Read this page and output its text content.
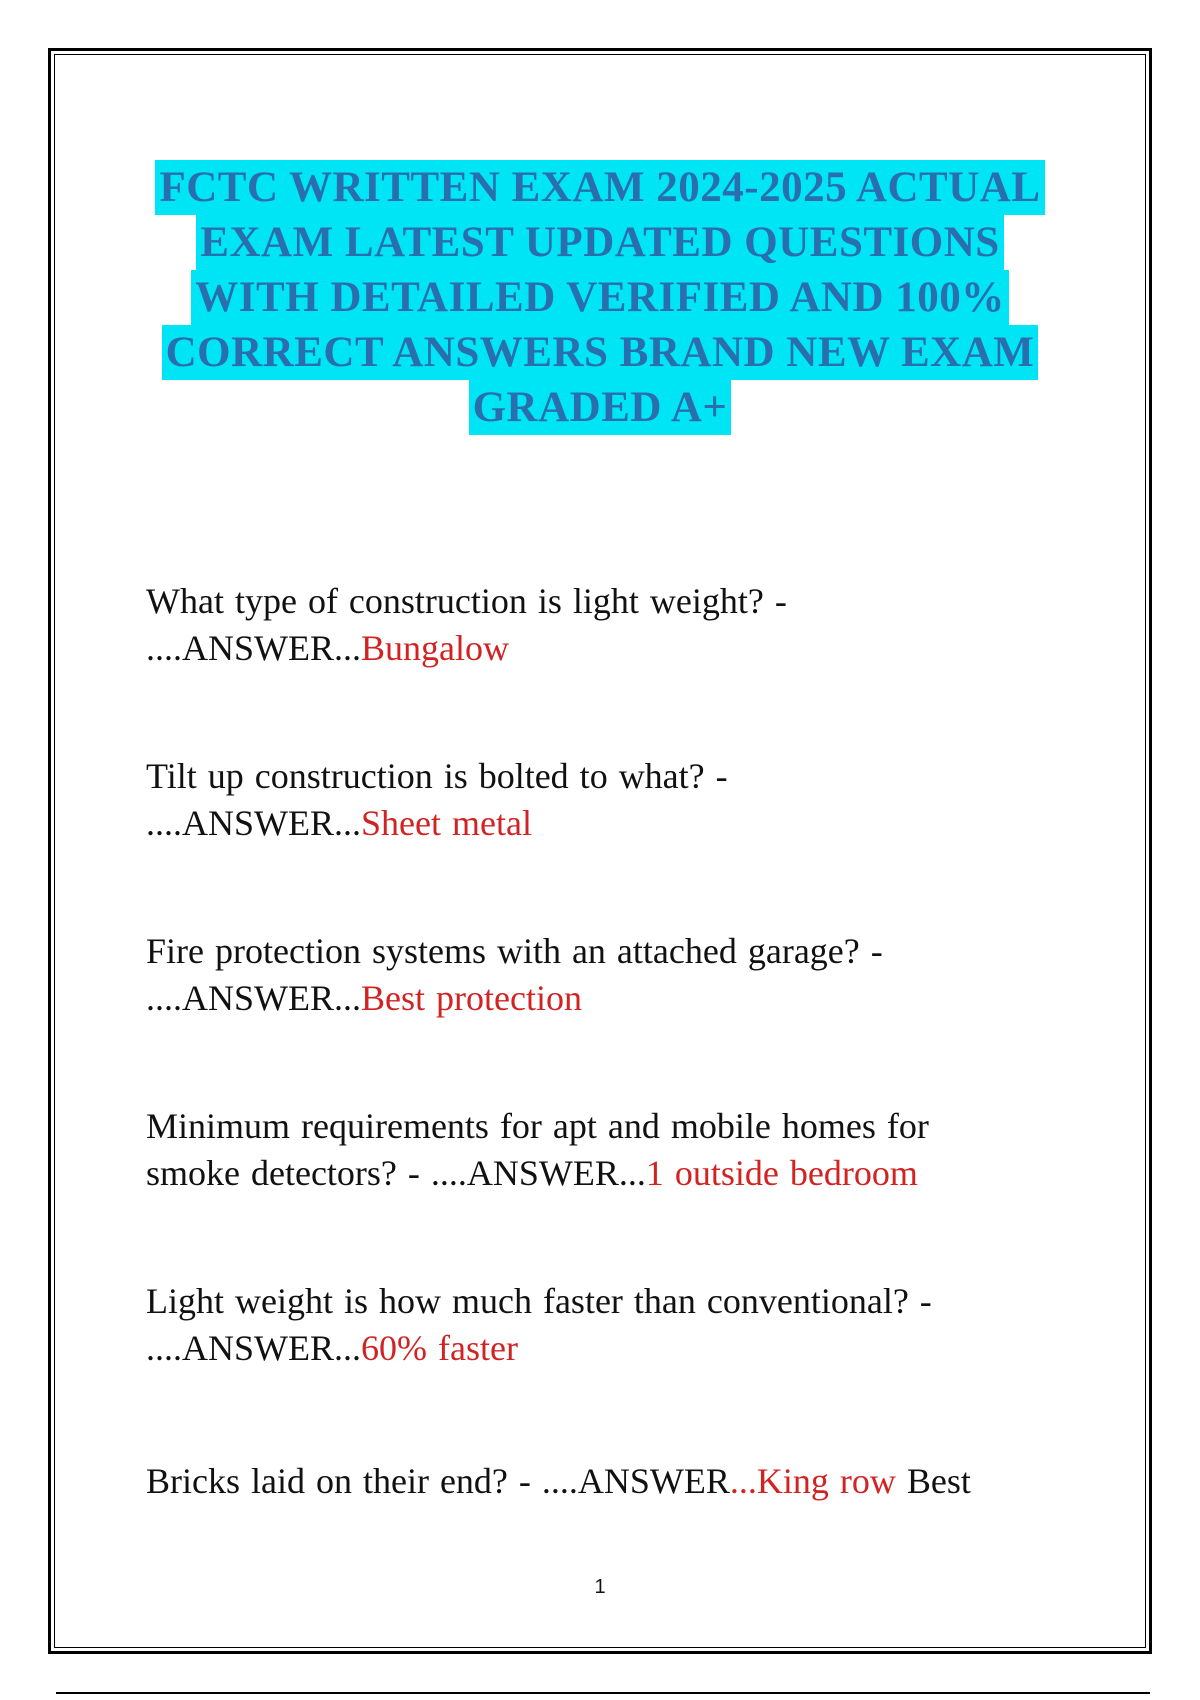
FCTC WRITTEN EXAM 2024-2025 ACTUAL
EXAM LATEST UPDATED QUESTIONS
WITH DETAILED VERIFIED AND 100%
CORRECT ANSWERS BRAND NEW EXAM
GRADED A+
What type of construction is light weight? -
....ANSWER...Bungalow
Tilt up construction is bolted to what? -
....ANSWER...Sheet metal
Fire protection systems with an attached garage? -
....ANSWER...Best protection
Minimum requirements for apt and mobile homes for
smoke detectors? - ....ANSWER...1 outside bedroom
Light weight is how much faster than conventional? -
....ANSWER...60% faster
Bricks laid on their end? - ....ANSWER...King row Best
1
